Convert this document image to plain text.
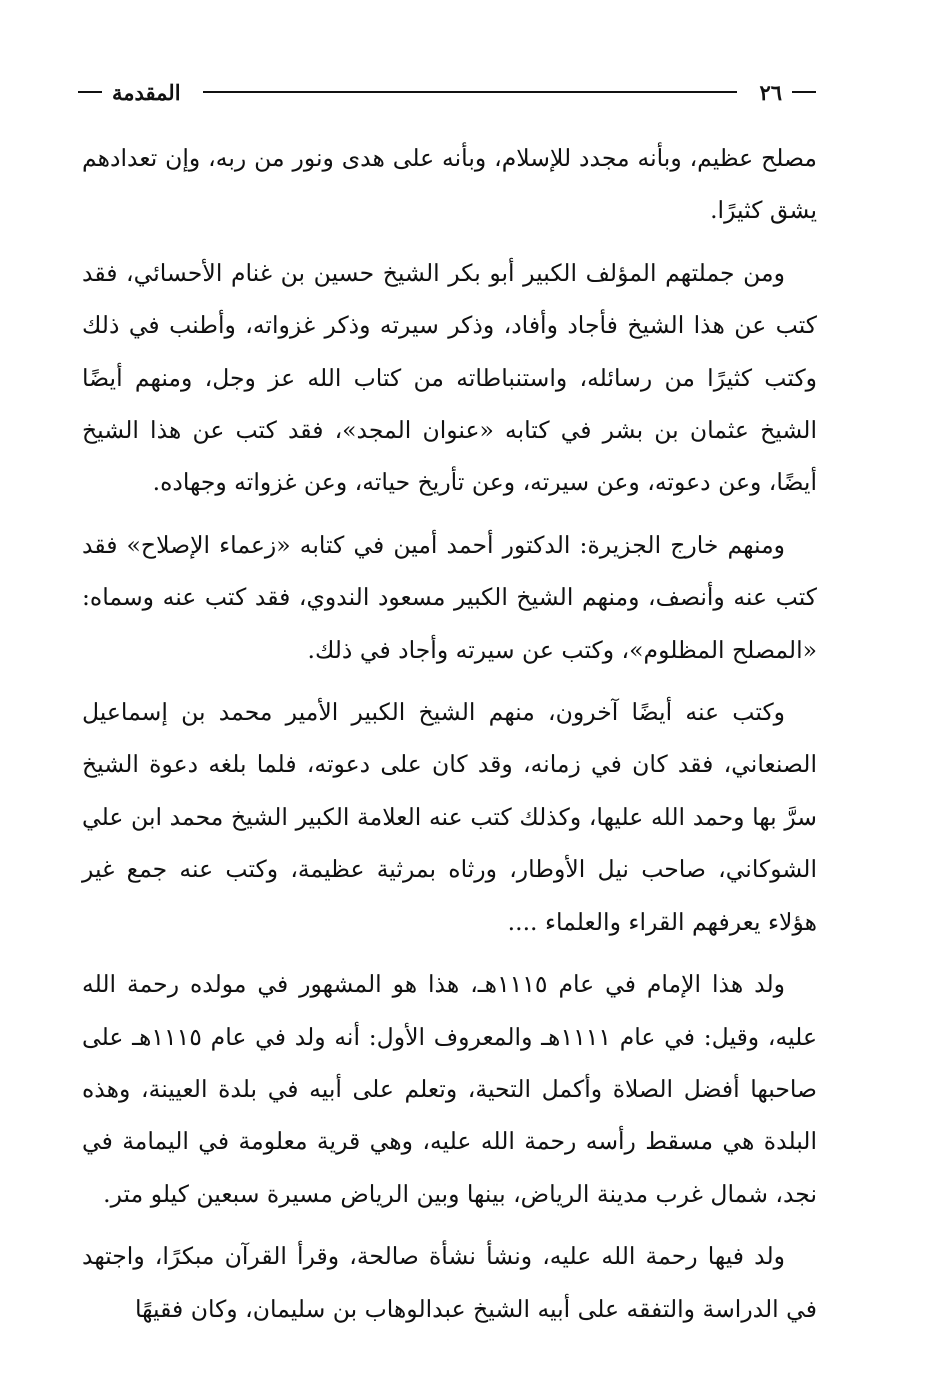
٢٦
المقدمة

مصلح عظيم، وبأنه مجدد للإسلام، وبأنه على هدى ونور من ربه، وإن تعدادهم يشق كثيرًا.

ومن جملتهم المؤلف الكبير أبو بكر الشيخ حسين بن غنام الأحسائي، فقد كتب عن هذا الشيخ فأجاد وأفاد، وذكر سيرته وذكر غزواته، وأطنب في ذلك وكتب كثيرًا من رسائله، واستنباطاته من كتاب الله عز وجل، ومنهم أيضًا الشيخ عثمان بن بشر في كتابه «عنوان المجد»، فقد كتب عن هذا الشيخ أيضًا، وعن دعوته، وعن سيرته، وعن تأريخ حياته، وعن غزواته وجهاده.

ومنهم خارج الجزيرة: الدكتور أحمد أمين في كتابه «زعماء الإصلاح» فقد كتب عنه وأنصف، ومنهم الشيخ الكبير مسعود الندوي، فقد كتب عنه وسماه: «المصلح المظلوم»، وكتب عن سيرته وأجاد في ذلك.

وكتب عنه أيضًا آخرون، منهم الشيخ الكبير الأمير محمد بن إسماعيل الصنعاني، فقد كان في زمانه، وقد كان على دعوته، فلما بلغه دعوة الشيخ سرَّ بها وحمد الله عليها، وكذلك كتب عنه العلامة الكبير الشيخ محمد ابن علي الشوكاني، صاحب نيل الأوطار، ورثاه بمرثية عظيمة، وكتب عنه جمع غير هؤلاء يعرفهم القراء والعلماء ....

ولد هذا الإمام في عام ١١١٥هـ، هذا هو المشهور في مولده رحمة الله عليه، وقيل: في عام ١١١١هـ والمعروف الأول: أنه ولد في عام ١١١٥هـ على صاحبها أفضل الصلاة وأكمل التحية، وتعلم على أبيه في بلدة العيينة، وهذه البلدة هي مسقط رأسه رحمة الله عليه، وهي قرية معلومة في اليمامة في نجد، شمال غرب مدينة الرياض، بينها وبين الرياض مسيرة سبعين كيلو متر.

ولد فيها رحمة الله عليه، ونشأ نشأة صالحة، وقرأ القرآن مبكرًا، واجتهد في الدراسة والتفقه على أبيه الشيخ عبدالوهاب بن سليمان، وكان فقيهًا
